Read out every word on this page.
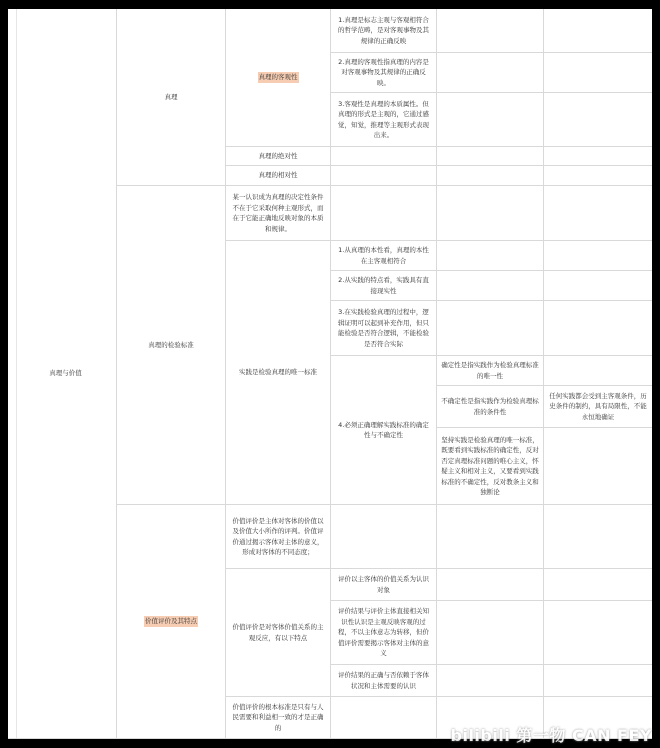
真理与价值
真理
真理的检验标准
价值评价及其特点
真理的客观性
真理的绝对性
真理的相对性
某一认识成为真理的决定性条件不在于它采取何种主观形式，而在于它能正确地反映对象的本质和规律。
实践是检验真理的唯一标准
价值评价是主体对客体的价值以及价值大小所作的评判。价值评价通过揭示客体对主体的意义，形成对客体的不同态度；
价值评价是对客体价值关系的主观反应，有以下特点
价值评价的根本标准是只有与人民需要和利益相一致的才是正确的
1.真理是标志主观与客观相符合的哲学范畴，是对客观事物及其规律的正确反映
2.真理的客观性指真理的内容是对客观事物及其规律的正确反映。
3.客观性是真理的本质属性。但真理的形式是主观的，它通过感觉，知觉，推理等主观形式表现出来。
1.从真理的本性看，真理的本性在主客观相符合
2.从实践的特点看，实践具有直接现实性
3.在实践检验真理的过程中，逻辑证明可以起到补充作用，但只能检验是否符合逻辑，不能检验是否符合实际
4.必须正确理解实践标准的确定性与不确定性
评价以主客体的价值关系为认识对象
评价结果与评价主体直接相关知识性认识是主观反映客观的过程，不以主体意志为转移，但价值评价需要揭示客体对主体的意义
评价结果的正确与否依赖于客体状况和主体需要的认识
确定性是指实践作为检验真理标准的唯一性
不确定性是指实践作为检验真理标准的条件性
坚持实践是检验真理的唯一标准，既要看到实践标准的确定性，反对否定真理标准问题的唯心主义，怀疑主义和相对主义，又要看到实践标准的不确定性，反对教条主义和独断论
任何实践都会受到主客观条件，历史条件的制约，具有局限性，不能永恒地确证
bilibili 第一物 CAN FEY
